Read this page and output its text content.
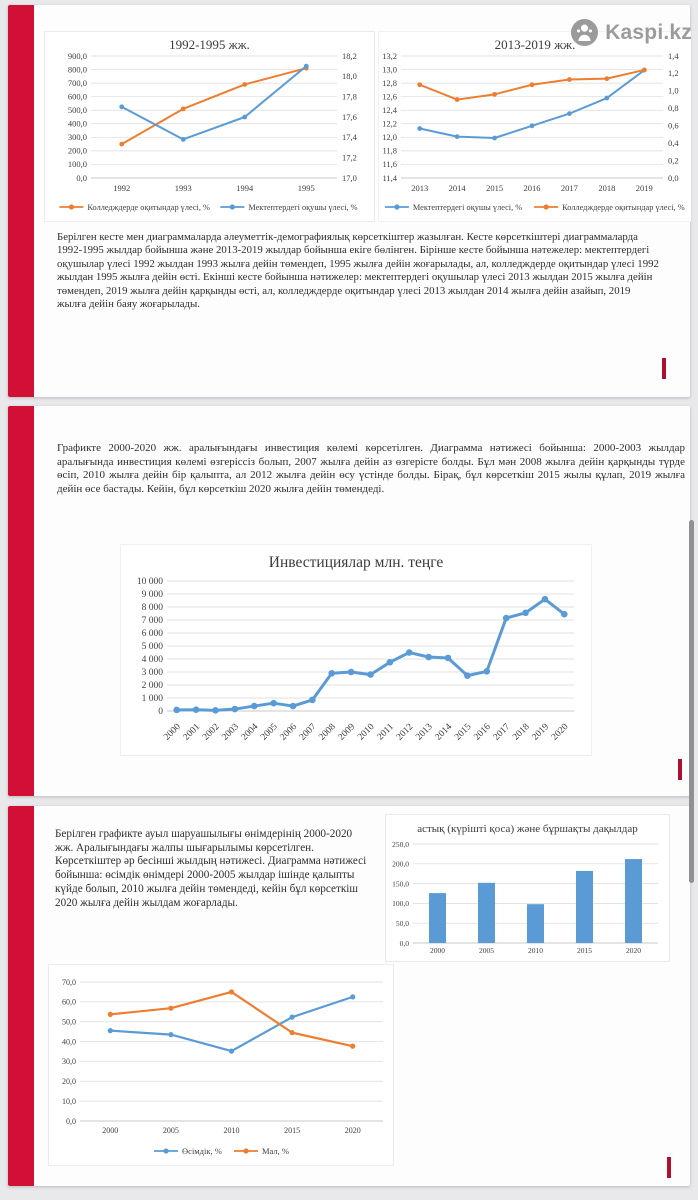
1992-1995 жж.
0,0
100,0
200,0
300,0
400,0
500,0
600,0
700,0
800,0
900,0
17,0
17,2
17,4
17,6
17,8
18,0
18,2
1992	1993	1994	1995
Колледждерде оқитындар үлесі, %	Мектептердегі оқушы үлесі, %
2013-2019 жж.
11,4
11,6
11,8
12,0
12,2
12,4
12,6
12,8
13,0
13,2
0,0
0,2
0,4
0,6
0,8
1,0
1,2
1,4
2013 2014 2015 2016 2017 2018 2019
Мектептердегі оқушы үлесі, %	Колледждерде оқитындар үлесі, %

Берілген кесте мен диаграммаларда әлеуметтік-демографиялық көрсеткіштер жазылған. Кесте көрсеткіштері диаграммаларда 1992-1995 жылдар бойынша және 2013-2019 жылдар бойынша екіге бөлінген. Бірінше кесте бойынша нәтежелер: мектептердегі оқушылар үлесі 1992 жылдан 1993 жылға дейін төмендеп, 1995 жылға дейін жоғарылады, ал, колледждерде оқитындар үлесі 1992 жылдан 1995 жылға дейін өсті. Екінші кесте бойынша нәтижелер: мектептердегі оқушылар үлесі 2013 жылдан 2015 жылға дейін төмендеп, 2019 жылға дейін қарқынды өсті, ал, колледждерде оқитындар үлесі 2013 жылдан 2014 жылға дейін азайып, 2019 жылға дейін баяу жоғарылады.

Графикте 2000-2020 жж. аралығындағы инвестиция көлемі көрсетілген. Диаграмма нәтижесі бойынша: 2000-2003 жылдар аралығында инвестиция көлемі өзгеріссіз болып, 2007 жылға дейін аз өзгерісте болды. Бұл мән 2008 жылға дейін қарқынды түрде өсіп, 2010 жылға дейін бір қалыпта, ал 2012 жылға дейін өсу үстінде болды. Бірақ, бұл көрсеткіш 2015 жылы құлап, 2019 жылға дейін өсе бастады. Кейін, бұл көрсеткіш 2020 жылға дейін төмендеді.

Инвестициялар млн. теңге
0
1 000
2 000
3 000
4 000
5 000
6 000
7 000
8 000
9 000
10 000
2000
2001
2002
2003
2004
2005
2006
2007
2008
2009
2010 2011
2012
2013
2014
2015
2016
2017
2018
2019
2020

Берілген графикте ауыл шаруашылығы өнімдерінің 2000-2020 жж. Аралығындағы жалпы шығарылымы көрсетілген. Көрсеткіштер әр бесінші жылдың нәтижесі. Диаграмма нәтижесі бойынша: өсімдік өнімдері 2000-2005 жылдар ішінде қалыпты күйде болып, 2010 жылға дейін төмендеді, кейін бұл көрсеткіш 2020 жылға дейін жылдам жоғарлады.

астық (күрішті қоса) және бұршақты дақылдар
0,0
50,0
100,0
150,0
200,0
250,0
2000	2005	2010	2015	2020
0,0
10,0
20,0
30,0
40,0
50,0
60,0
70,0
2000	2005	2010	2015	2020
Өсімдік, %	Мал, %
Kaspi.kz
